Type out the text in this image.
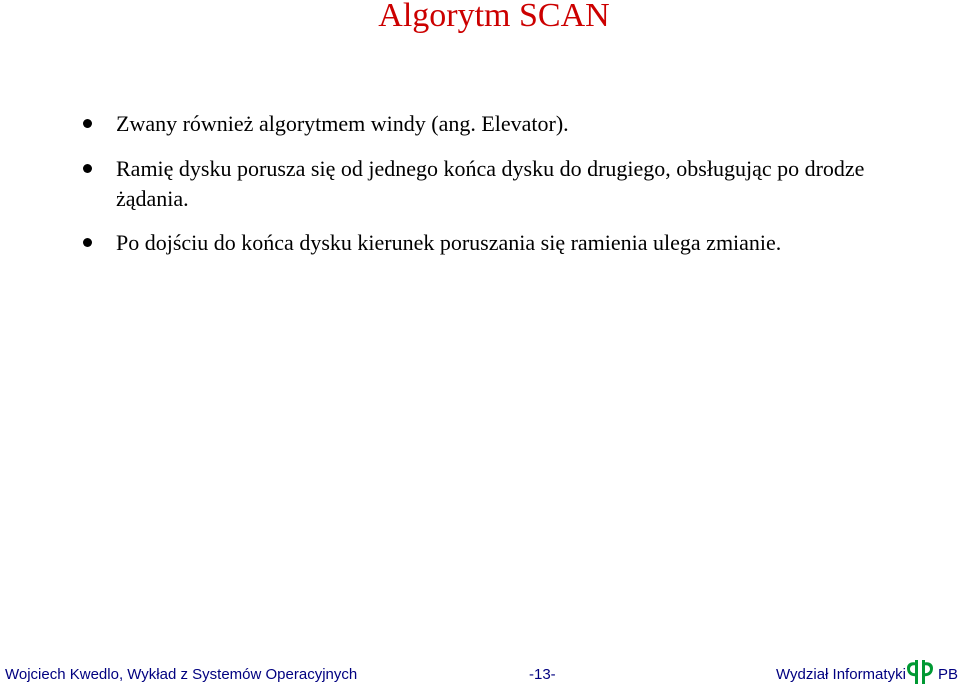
Algorytm SCAN
Zwany również algorytmem windy (ang. Elevator).
Ramię dysku porusza się od jednego końca dysku do drugiego, obsługując po drodze żądania.
Po dojściu do końca dysku kierunek poruszania się ramienia ulega zmianie.
Wojciech Kwedlo, Wykład z Systemów Operacyjnych	-13-	Wydział Informatyki PB
